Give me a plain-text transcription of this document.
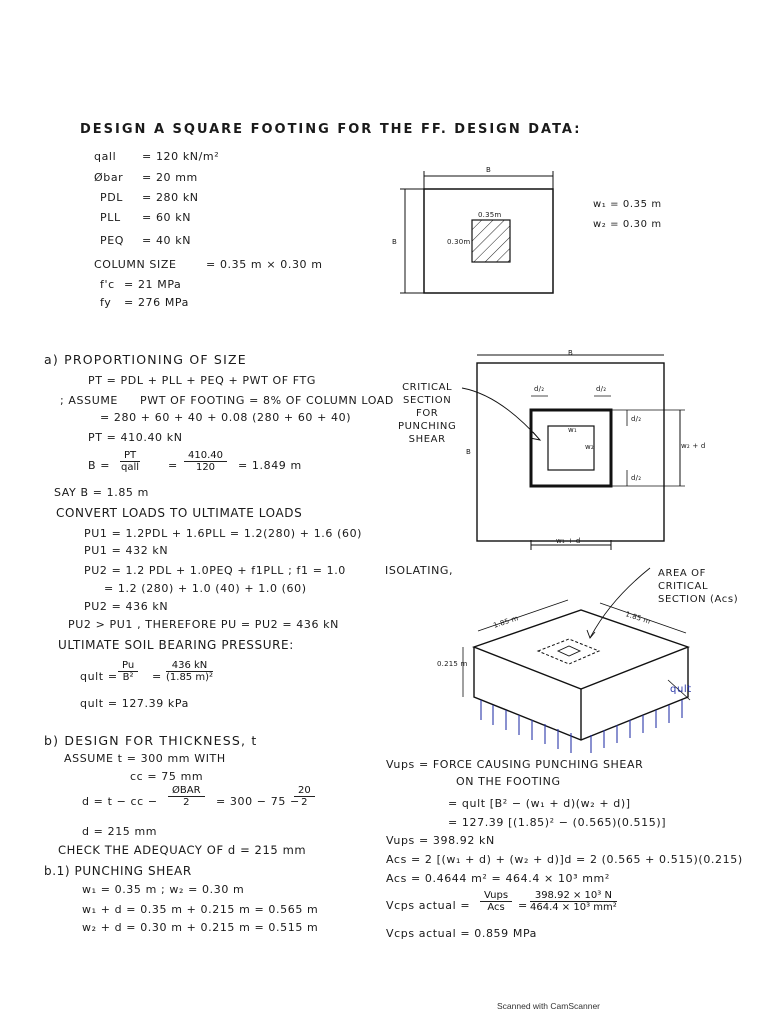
DESIGN A SQUARE FOOTING FOR THE FF. DESIGN DATA:
qall = 120 kN/m²
Øbar = 20 mm
PDL = 280 kN
PLL = 60 kN
PEQ = 40 kN
COLUMN SIZE	= 0.35 m × 0.30 m
f'c = 21 MPa
fy = 276 MPa
B
B
0.35m
0.30m
w₁ = 0.35 m
w₂ = 0.30 m
B
B
d/₂	d/₂
d/₂
d/₂
w₁
w₂	w₂ + d
w₁ + d
CRITICAL
SECTION
FOR
PUNCHING
SHEAR
ISOLATING,
1.85 m	1.85 m
0.215 m
qult
AREA OF
CRITICAL
SECTION (Acs)
a) PROPORTIONING OF SIZE
PT = PDL + PLL + PEQ + PWT OF FTG
; ASSUME PWT OF FOOTING = 8% OF COLUMN LOAD
= 280 + 60 + 40 + 0.08 (280 + 60 + 40)
PT = 410.40 kN
B =
PT
qall	= $\frac{410.40}{120} = 1.849$ m
SAY B = 1.85 m
CONVERT LOADS TO ULTIMATE LOADS
PU1 = 1.2PDL + 1.6PLL = 1.2(280) + 1.6 (60)
PU1 = 432 kN
PU2 = 1.2 PDL + 1.0PEQ + f1PLL ; f1 = 1.0
= 1.2 (280) + 1.0 (40) + 1.0 (60)
PU2 = 436 kN
PU2 > PU1 , THEREFORE PU = PU2 = 436 kN
ULTIMATE SOIL BEARING PRESSURE:
qult = $\frac{Pu}{\text{B²}} = \frac{436 kN}{\text{(1.85 m)²}}$
qult = 127.39 kPa
b) DESIGN FOR THICKNESS, t
ASSUME t = 300 mm WITH
cc = 75 mm
d = t − cc −
ØBAR
2	= 300 − 75 −
$\frac{20}{2}$
d = 215 mm
CHECK THE ADEQUACY OF d = 215 mm
b.1) PUNCHING SHEAR
w₁ = 0.35 m ; w₂ = 0.30 m
w₁ + d = 0.35 m + 0.215 m = 0.565 m
w₂ + d = 0.30 m + 0.215 m = 0.515 m
Vups = FORCE CAUSING PUNCHING SHEAR
ON THE FOOTING
= qult [B² − (w₁ + d)(w₂ + d)]
= 127.39 [(1.85)² − (0.565)(0.515)]
Vups = 398.92 kN
Acs = 2 [(w₁ + d) + (w₂ + d)]d = 2 (0.565 + 0.515)(0.215)
Acs = 0.4644 m² = 464.4 × 10³ mm²
Vcps actual =
Vups
Acs	= $\frac{\text{398.92 × 10³ N}}{\text{464.4 × 10³ mm²}}$
Vcps actual = 0.859 MPa
Scanned with CamScanner
